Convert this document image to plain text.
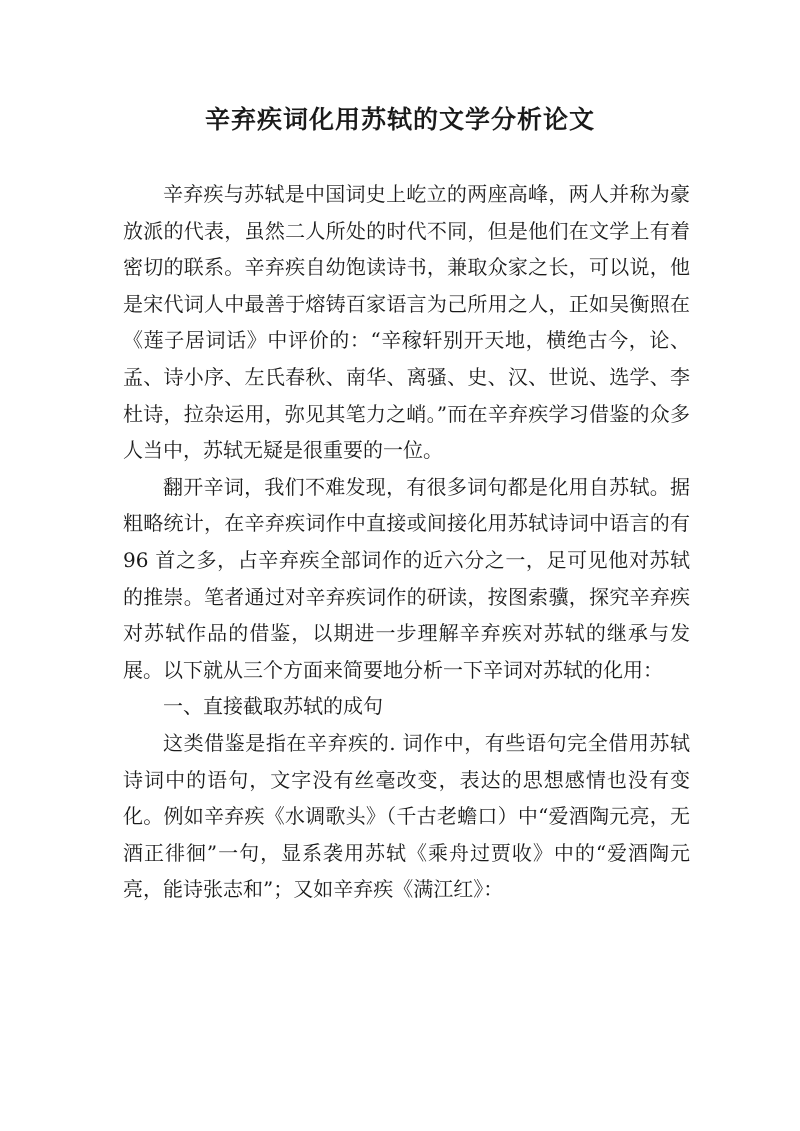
辛弃疾词化用苏轼的文学分析论文

辛弃疾与苏轼是中国词史上屹立的两座高峰，两人并称为豪放派的代表，虽然二人所处的时代不同，但是他们在文学上有着密切的联系。辛弃疾自幼饱读诗书，兼取众家之长，可以说，他是宋代词人中最善于熔铸百家语言为己所用之人，正如吴衡照在《莲子居词话》中评价的：“辛稼轩别开天地，横绝古今，论、孟、诗小序、左氏春秋、南华、离骚、史、汉、世说、选学、李杜诗，拉杂运用，弥见其笔力之峭。”而在辛弃疾学习借鉴的众多人当中，苏轼无疑是很重要的一位。

翻开辛词，我们不难发现，有很多词句都是化用自苏轼。据粗略统计，在辛弃疾词作中直接或间接化用苏轼诗词中语言的有 96 首之多，占辛弃疾全部词作的近六分之一，足可见他对苏轼的推崇。笔者通过对辛弃疾词作的研读，按图索骥，探究辛弃疾对苏轼作品的借鉴，以期进一步理解辛弃疾对苏轼的继承与发展。以下就从三个方面来简要地分析一下辛词对苏轼的化用：

一、直接截取苏轼的成句

这类借鉴是指在辛弃疾的. 词作中，有些语句完全借用苏轼诗词中的语句，文字没有丝毫改变，表达的思想感情也没有变化。例如辛弃疾《水调歌头》（千古老蟾口）中“爱酒陶元亮，无酒正徘徊”一句，显系袭用苏轼《乘舟过贾收》中的“爱酒陶元亮，能诗张志和”；又如辛弃疾《满江红》：
